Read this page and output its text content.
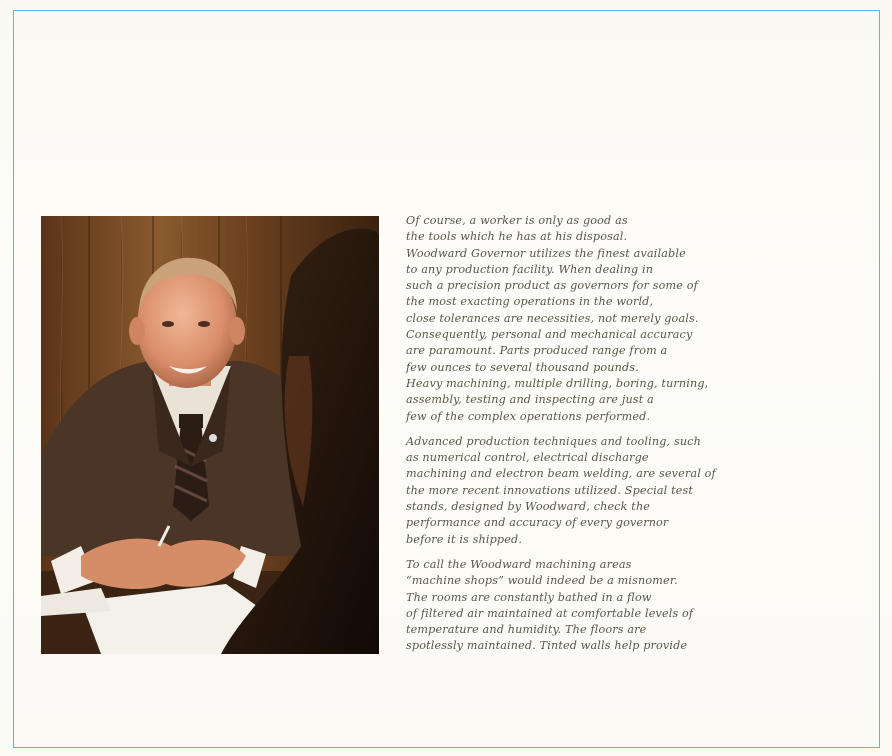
Of course, a worker is only as good as
the tools which he has at his disposal.
Woodward Governor utilizes the finest available
to any production facility. When dealing in
such a precision product as governors for some of
the most exacting operations in the world,
close tolerances are necessities, not merely goals.
Consequently, personal and mechanical accuracy
are paramount. Parts produced range from a
few ounces to several thousand pounds.
Heavy machining, multiple drilling, boring, turning,
assembly, testing and inspecting are just a
few of the complex operations performed.

Advanced production techniques and tooling, such
as numerical control, electrical discharge
machining and electron beam welding, are several of
the more recent innovations utilized. Special test
stands, designed by Woodward, check the
performance and accuracy of every governor
before it is shipped.

To call the Woodward machining areas
“machine shops” would indeed be a misnomer.
The rooms are constantly bathed in a flow
of filtered air maintained at comfortable levels of
temperature and humidity. The floors are
spotlessly maintained. Tinted walls help provide
